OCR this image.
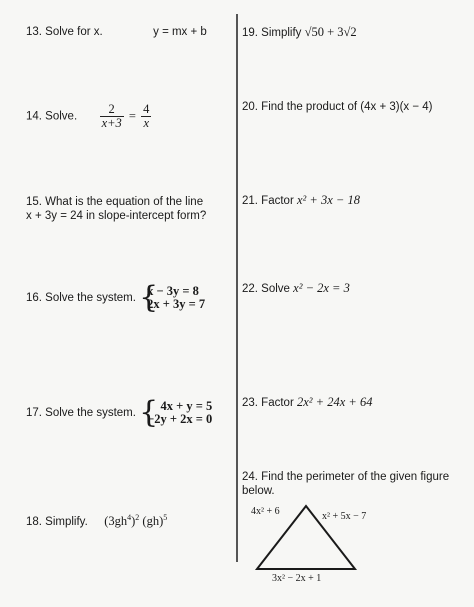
13. Solve for x.	y = mx + b
14. Solve. $\frac{2}{x+3} = \frac{4}{x}$
15. What is the equation of the line
x + 3y = 24 in slope-intercept form?
16. Solve the system. {
x − 3y = 8
2x + 3y = 7
17. Solve the system. { 4x + y = 5
−2y + 2x = 0
18. Simplify. $(3gh^4)^2$ (gh)$^5$
19. Simplify √50 + 3√2
20. Find the product of (4x + 3)(x − 4)
21. Factor x² + 3x − 18
22. Solve x² − 2x = 3
23. Factor 2x² + 24x + 64
24. Find the perimeter of the given figure
below.
4x² + 6	x² + 5x − 7
3x² − 2x + 1
